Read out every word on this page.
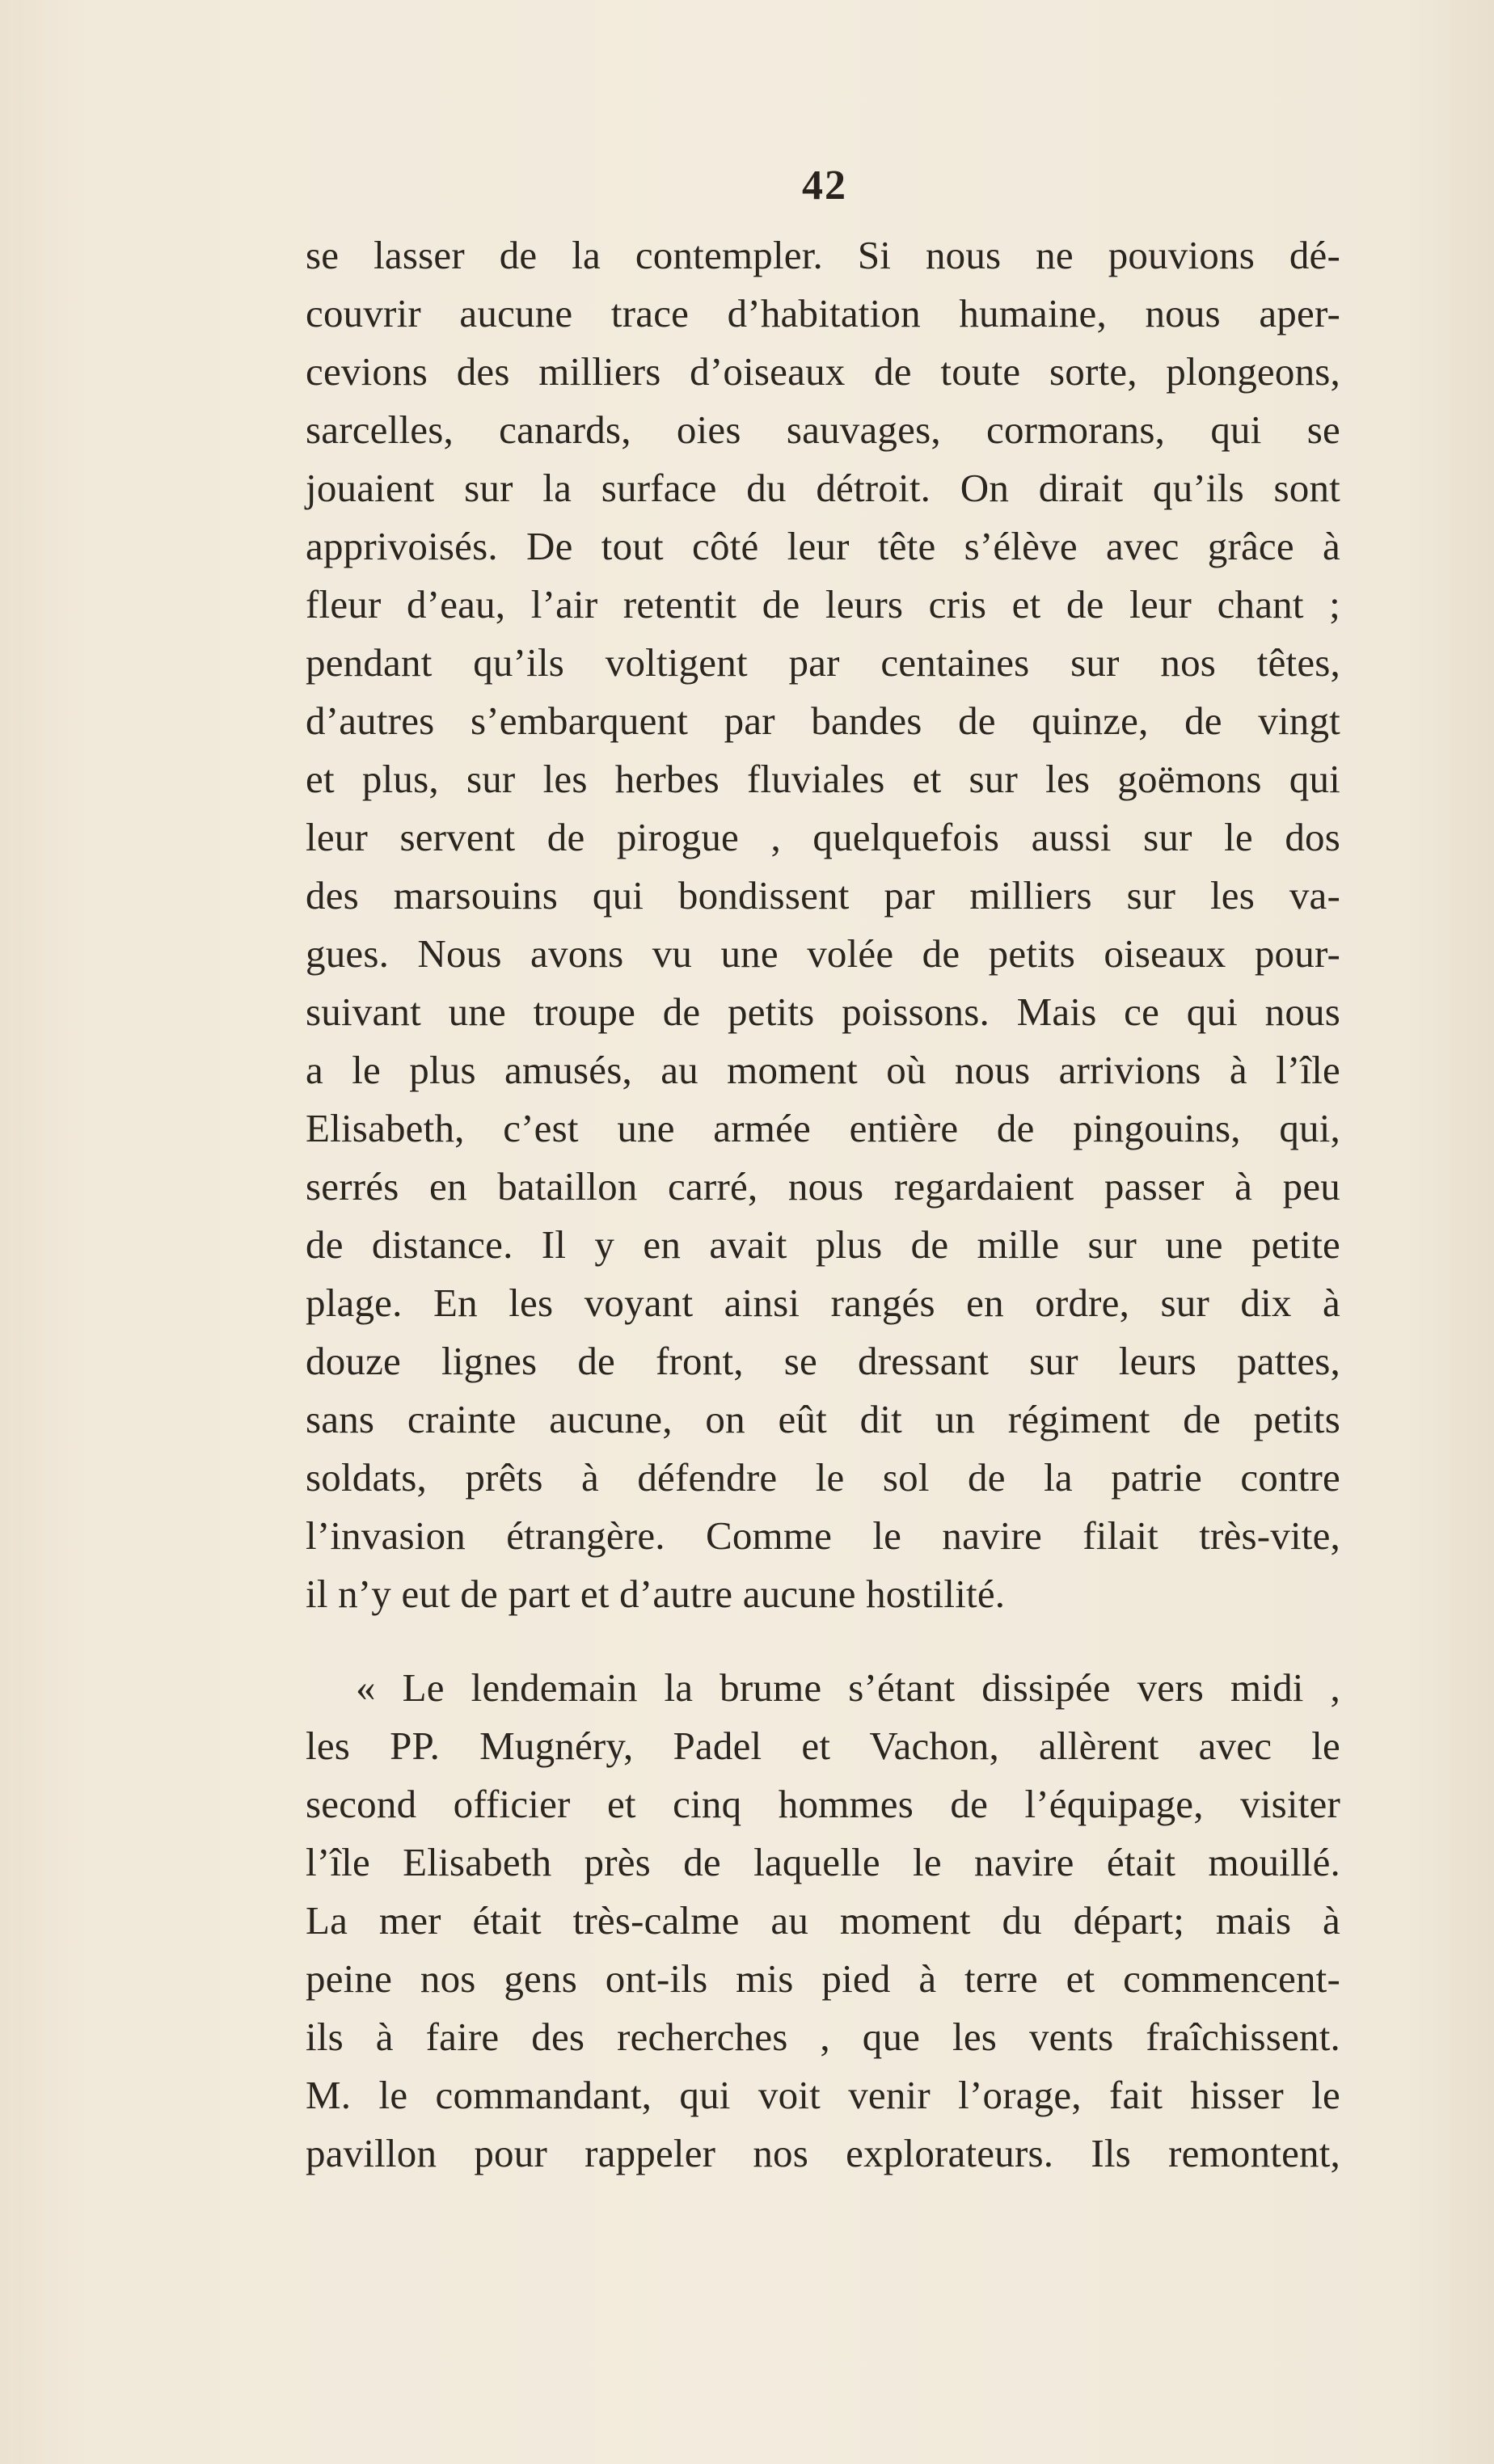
42
se lasser de la contempler. Si nous ne pouvions dé-
couvrir aucune trace d’habitation humaine, nous aper-
cevions des milliers d’oiseaux de toute sorte, plongeons,
sarcelles, canards, oies sauvages, cormorans, qui se
jouaient sur la surface du détroit. On dirait qu’ils sont
apprivoisés. De tout côté leur tête s’élève avec grâce à
fleur d’eau, l’air retentit de leurs cris et de leur chant ;
pendant qu’ils voltigent par centaines sur nos têtes,
d’autres s’embarquent par bandes de quinze, de vingt
et plus, sur les herbes fluviales et sur les goëmons qui
leur servent de pirogue , quelquefois aussi sur le dos
des marsouins qui bondissent par milliers sur les va-
gues. Nous avons vu une volée de petits oiseaux pour-
suivant une troupe de petits poissons. Mais ce qui nous
a le plus amusés, au moment où nous arrivions à l’île
Elisabeth, c’est une armée entière de pingouins, qui,
serrés en bataillon carré, nous regardaient passer à peu
de distance. Il y en avait plus de mille sur une petite
plage. En les voyant ainsi rangés en ordre, sur dix à
douze lignes de front, se dressant sur leurs pattes,
sans crainte aucune, on eût dit un régiment de petits
soldats, prêts à défendre le sol de la patrie contre
l’invasion étrangère. Comme le navire filait très-vite,
il n’y eut de part et d’autre aucune hostilité.
« Le lendemain la brume s’étant dissipée vers midi ,
les PP. Mugnéry, Padel et Vachon, allèrent avec le
second officier et cinq hommes de l’équipage, visiter
l’île Elisabeth près de laquelle le navire était mouillé.
La mer était très-calme au moment du départ; mais à
peine nos gens ont-ils mis pied à terre et commencent-
ils à faire des recherches , que les vents fraîchissent.
M. le commandant, qui voit venir l’orage, fait hisser le
pavillon pour rappeler nos explorateurs. Ils remontent,
